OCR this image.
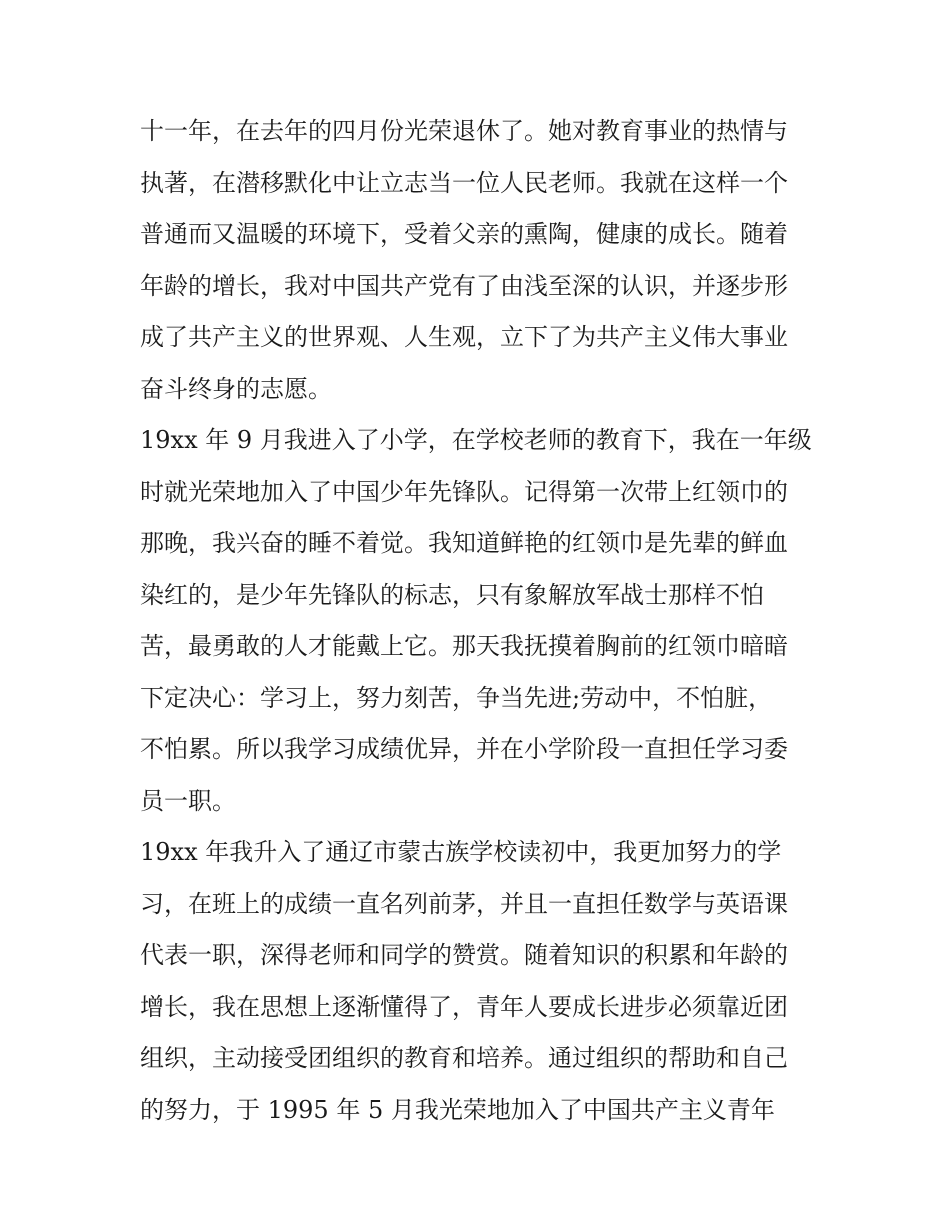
十一年，在去年的四月份光荣退休了。她对教育事业的热情与
执著，在潜移默化中让立志当一位人民老师。我就在这样一个
普通而又温暖的环境下，受着父亲的熏陶，健康的成长。随着
年龄的增长，我对中国共产党有了由浅至深的认识，并逐步形
成了共产主义的世界观、人生观，立下了为共产主义伟大事业
奋斗终身的志愿。
19xx 年 9 月我进入了小学，在学校老师的教育下，我在一年级
时就光荣地加入了中国少年先锋队。记得第一次带上红领巾的
那晚，我兴奋的睡不着觉。我知道鲜艳的红领巾是先辈的鲜血
染红的，是少年先锋队的标志，只有象解放军战士那样不怕
苦，最勇敢的人才能戴上它。那天我抚摸着胸前的红领巾暗暗
下定决心：学习上，努力刻苦，争当先进;劳动中，不怕脏，
不怕累。所以我学习成绩优异，并在小学阶段一直担任学习委
员一职。
19xx 年我升入了通辽市蒙古族学校读初中，我更加努力的学
习，在班上的成绩一直名列前茅，并且一直担任数学与英语课
代表一职，深得老师和同学的赞赏。随着知识的积累和年龄的
增长，我在思想上逐渐懂得了，青年人要成长进步必须靠近团
组织，主动接受团组织的教育和培养。通过组织的帮助和自己
的努力，于 1995 年 5 月我光荣地加入了中国共产主义青年
